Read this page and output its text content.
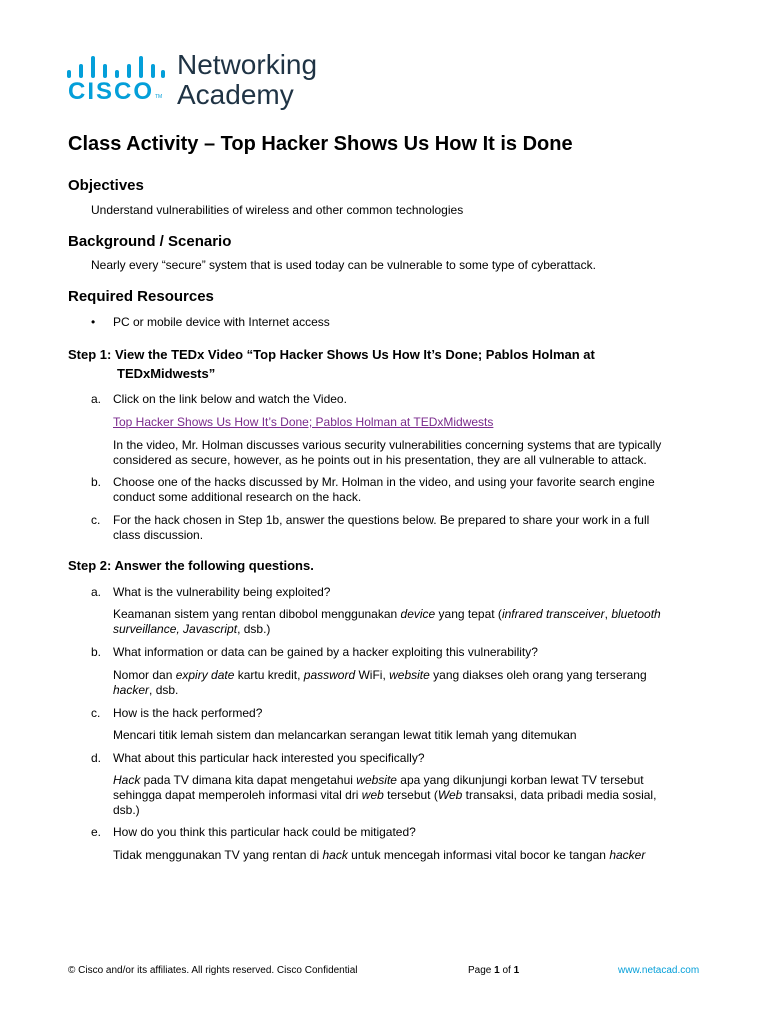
CISCO TM
Networking
Academy
Class Activity – Top Hacker Shows Us How It is Done
Objectives
Understand vulnerabilities of wireless and other common technologies
Background / Scenario
Nearly every “secure” system that is used today can be vulnerable to some type of cyberattack.
Required Resources
• PC or mobile device with Internet access
Step 1: View the TEDx Video “Top Hacker Shows Us How It’s Done; Pablos Holman at
TEDxMidwests”
a. Click on the link below and watch the Video.
Top Hacker Shows Us How It’s Done; Pablos Holman at TEDxMidwests
In the video, Mr. Holman discusses various security vulnerabilities concerning systems that are typically
considered as secure, however, as he points out in his presentation, they are all vulnerable to attack.
b. Choose one of the hacks discussed by Mr. Holman in the video, and using your favorite search engine
conduct some additional research on the hack.
c. For the hack chosen in Step 1b, answer the questions below. Be prepared to share your work in a full
class discussion.
Step 2: Answer the following questions.
a. What is the vulnerability being exploited?
Keamanan sistem yang rentan dibobol menggunakan device yang tepat (infrared transceiver, bluetooth
surveillance, Javascript, dsb.)
b. What information or data can be gained by a hacker exploiting this vulnerability?
Nomor dan expiry date kartu kredit, password WiFi, website yang diakses oleh orang yang terserang
hacker, dsb.
c. How is the hack performed?
Mencari titik lemah sistem dan melancarkan serangan lewat titik lemah yang ditemukan
d. What about this particular hack interested you specifically?
Hack pada TV dimana kita dapat mengetahui website apa yang dikunjungi korban lewat TV tersebut
sehingga dapat memperoleh informasi vital dri web tersebut (Web transaksi, data pribadi media sosial,
dsb.)
e. How do you think this particular hack could be mitigated?
Tidak menggunakan TV yang rentan di hack untuk mencegah informasi vital bocor ke tangan hacker
© Cisco and/or its affiliates. All rights reserved. Cisco Confidential	Page 1 of 1	www.netacad.com
